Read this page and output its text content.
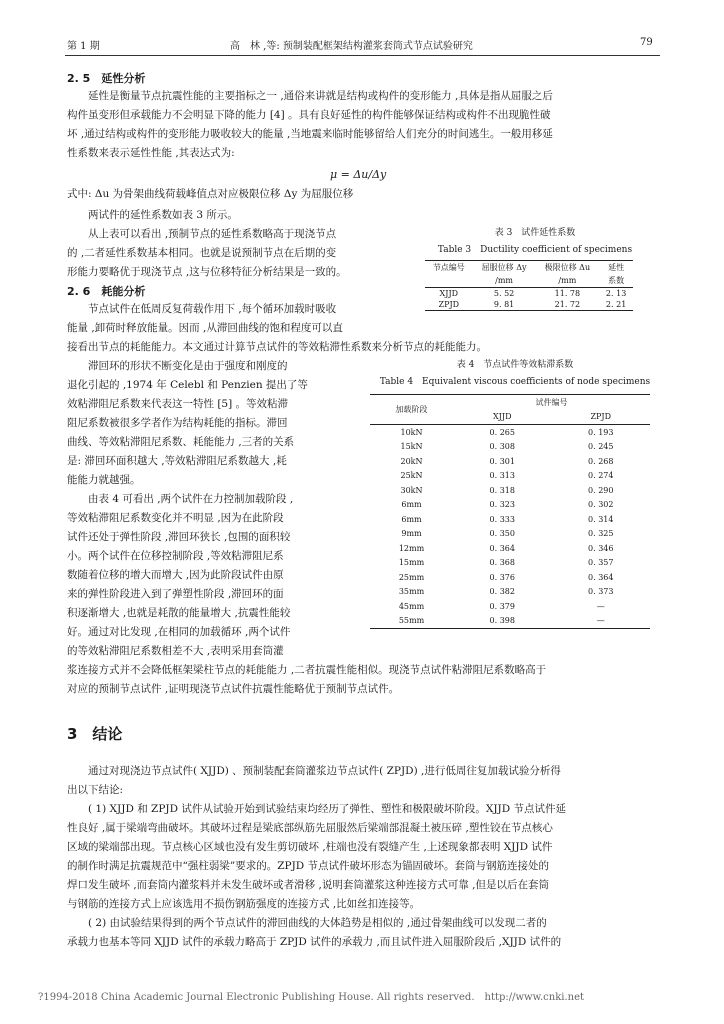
第 1 期	高　林 ,等: 预制装配框架结构灌浆套筒式节点试验研究	79
2. 5　延性分析

延性是衡量节点抗震性能的主要指标之一 ,通俗来讲就是结构或构件的变形能力 ,具体是指从屈服之后

构件虽变形但承载能力不会明显下降的能力 [4] 。具有良好延性的构件能够保证结构或构件不出现脆性破

坏 ,通过结构或构件的变形能力吸收较大的能量 ,当地震来临时能够留给人们充分的时间逃生。一般用移延

性系数来表示延性性能 ,其表达式为:

μ = Δu/Δy
式中: Δu 为骨架曲线荷载峰值点对应极限位移 Δy 为屈服位移

两试件的延性系数如表 3 所示。

从上表可以看出 ,预制节点的延性系数略高于现浇节点

的 ,二者延性系数基本相同。也就是说预制节点在后期的变

形能力要略优于现浇节点 ,这与位移特征分析结果是一致的。

表 3　试件延性系数
Table 3　Ductility coefficient of specimens
节点编号	屈服位移 Δy	极限位移 Δu	延性
	/mm	/mm	系数
XJJD	5. 52	11. 78	2. 13
ZPJD	9. 81	21. 72	2. 21
2. 6　耗能分析

节点试件在低周反复荷载作用下 ,每个循环加载时吸收

能量 ,卸荷时释放能量。因而 ,从滞回曲线的饱和程度可以直

接看出节点的耗能能力。本文通过计算节点试件的等效粘滞性系数来分析节点的耗能能力。

滞回环的形状不断变化是由于强度和刚度的

退化引起的 ,1974 年 Celebl 和 Penzien 提出了等

效粘滞阻尼系数来代表这一特性 [5] 。等效粘滞

阻尼系数被很多学者作为结构耗能的指标。滞回

曲线、等效粘滞阻尼系数、耗能能力 ,三者的关系

是: 滞回环面积越大 ,等效粘滞阻尼系数越大 ,耗

能能力就越强。

由表 4 可看出 ,两个试件在力控制加载阶段 ,

等效粘滞阻尼系数变化并不明显 ,因为在此阶段

试件还处于弹性阶段 ,滞回环狭长 ,包围的面积较

小。两个试件在位移控制阶段 ,等效粘滞阻尼系

数随着位移的增大而增大 ,因为此阶段试件由原

来的弹性阶段进入到了弹塑性阶段 ,滞回环的面

积逐渐增大 ,也就是耗散的能量增大 ,抗震性能较

好。通过对比发现 ,在相同的加载循环 ,两个试件

的等效粘滞阻尼系数相差不大 ,表明采用套筒灌

浆连接方式并不会降低框架梁柱节点的耗能能力 ,二者抗震性能相似。现浇节点试件粘滞阻尼系数略高于

对应的预制节点试件 ,证明现浇节点试件抗震性能略优于预制节点试件。

表 4　节点试件等效粘滞系数
Table 4　Equivalent viscous coefficients of node specimens
加载阶段	试件编号	
	XJJD	ZPJD
10kN	0. 265	0. 193
15kN	0. 308	0. 245
20kN	0. 301	0. 268
25kN	0. 313	0. 274
30kN	0. 318	0. 290
6mm	0. 323	0. 302
6mm	0. 333	0. 314
9mm	0. 350	0. 325
12mm	0. 364	0. 346
15mm	0. 368	0. 357
25mm	0. 376	0. 364
35mm	0. 382	0. 373
45mm	0. 379	—
55mm	0. 398	—
3　结论

通过对现浇边节点试件( XJJD) 、预制装配套筒灌浆边节点试件( ZPJD) ,进行低周往复加载试验分析得

出以下结论:

( 1) XJJD 和 ZPJD 试件从试验开始到试验结束均经历了弹性、塑性和极限破坏阶段。XJJD 节点试件延

性良好 ,属于梁端弯曲破坏。其破坏过程是梁底部纵筋先屈服然后梁端部混凝土被压碎 ,塑性铰在节点核心

区域的梁端部出现。节点核心区域也没有发生剪切破坏 ,柱端也没有裂缝产生 ,上述现象都表明 XJJD 试件

的制作时满足抗震规范中“强柱弱梁”要求的。ZPJD 节点试件破坏形态为锚固破坏。套筒与钢筋连接处的

焊口发生破坏 ,而套筒内灌浆料并未发生破坏或者滑移 ,说明套筒灌浆这种连接方式可靠 ,但是以后在套筒

与钢筋的连接方式上应该选用不损伤钢筋强度的连接方式 ,比如丝扣连接等。

( 2) 由试验结果得到的两个节点试件的滞回曲线的大体趋势是相似的 ,通过骨架曲线可以发现二者的

承载力也基本等同 XJJD 试件的承载力略高于 ZPJD 试件的承载力 ,而且试件进入屈服阶段后 ,XJJD 试件的

?1994-2018 China Academic Journal Electronic Publishing House. All rights reserved.　http://www.cnki.net
